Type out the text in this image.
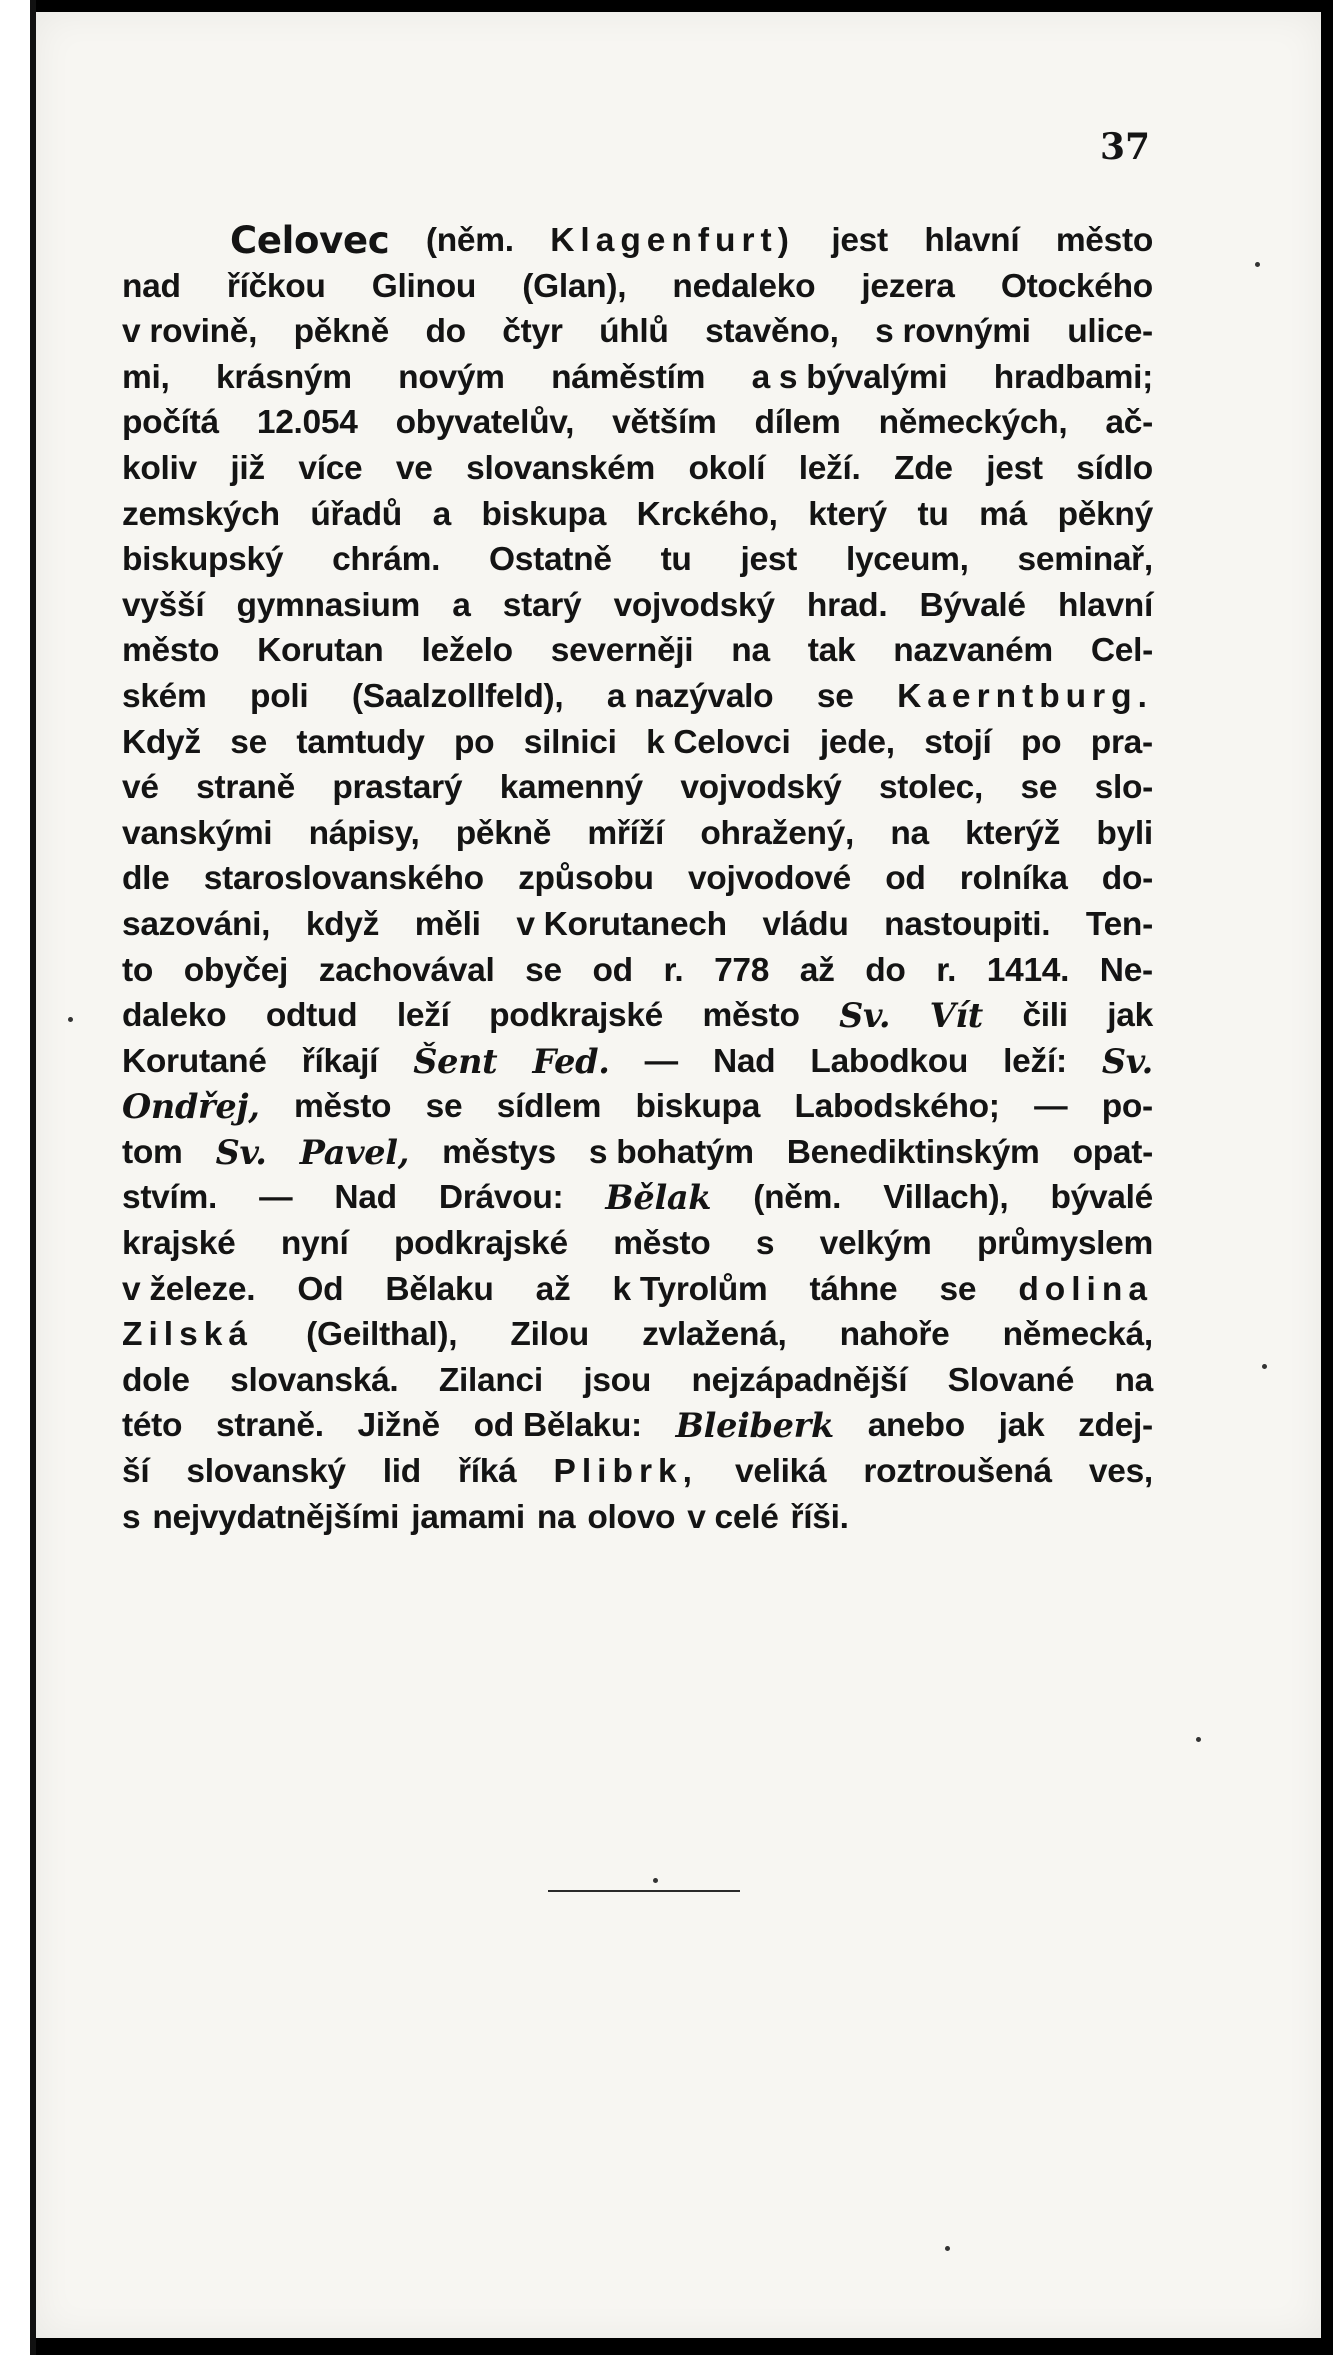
37
Celovec (něm. Klagenfurt) jest hlavní město
nad říčkou Glinou (Glan), nedaleko jezera Otockého
v rovině, pěkně do čtyr úhlů stavěno, s rovnými ulice-
mi, krásným novým náměstím a s bývalými hradbami;
počítá 12.054 obyvatelův, větším dílem německých, ač-
koliv již více ve slovanském okolí leží. Zde jest sídlo
zemských úřadů a biskupa Krckého, který tu má pěkný
biskupský chrám. Ostatně tu jest lyceum, seminař,
vyšší gymnasium a starý vojvodský hrad. Bývalé hlavní
město Korutan leželo severněji na tak nazvaném Cel-
ském poli (Saalzollfeld), a nazývalo se Kaerntburg.
Když se tamtudy po silnici k Celovci jede, stojí po pra-
vé straně prastarý kamenný vojvodský stolec, se slo-
vanskými nápisy, pěkně mříží ohražený, na kterýž byli
dle staroslovanského způsobu vojvodové od rolníka do-
sazováni, když měli v Korutanech vládu nastoupiti. Ten-
to obyčej zachovával se od r. 778 až do r. 1414. Ne-
daleko odtud leží podkrajské město Sv. Vít čili jak
Korutané říkají Šent Fed. — Nad Labodkou leží: Sv.
Ondřej, město se sídlem biskupa Labodského; — po-
tom Sv. Pavel, městys s bohatým Benediktinským opat-
stvím. — Nad Drávou: Bělak (něm. Villach), bývalé
krajské nyní podkrajské město s velkým průmyslem
v železe. Od Bělaku až k Tyrolům táhne se dolina
Zilská (Geilthal), Zilou zvlažená, nahoře německá,
dole slovanská. Zilanci jsou nejzápadnější Slované na
této straně. Jižně od Bělaku: Bleiberk anebo jak zdej-
ší slovanský lid říká Plibrk, veliká roztroušená ves,
s nejvydatnějšími jamami na olovo v celé říši.
